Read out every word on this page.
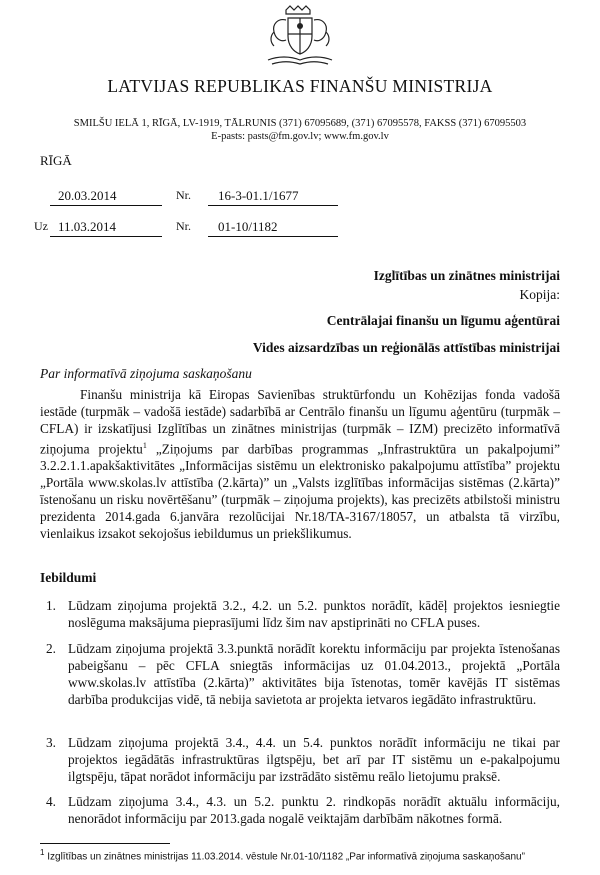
LATVIJAS REPUBLIKAS FINANŠU MINISTRIJA
SMILŠU IELĀ 1, RĪGĀ, LV-1919, TĀLRUNIS (371) 67095689, (371) 67095578, FAKSS (371) 67095503
E-pasts: pasts@fm.gov.lv; www.fm.gov.lv
RĪGĀ
20.03.2014	Nr. 16-3-01.1/1677
Uz 11.03.2014	Nr. 01-10/1182
Izglītības un zinātnes ministrijai
Kopija:
Centrālajai finanšu un līgumu aģentūrai
Vides aizsardzības un reģionālās attīstības ministrijai
Par informatīvā ziņojuma saskaņošanu
Finanšu ministrija kā Eiropas Savienības struktūrfondu un Kohēzijas fonda vadošā iestāde (turpmāk – vadošā iestāde) sadarbībā ar Centrālo finanšu un līgumu aģentūru (turpmāk – CFLA) ir izskatījusi Izglītības un zinātnes ministrijas (turpmāk – IZM) precizēto informatīvā ziņojuma projektu$^1$ „Ziņojums par darbības programmas „Infrastruktūra un pakalpojumi” 3.2.2.1.1.apakšaktivitātes „Informācijas sistēmu un elektronisko pakalpojumu attīstība” projektu „Portāla www.skolas.lv attīstība (2.kārta)” un „Valsts izglītības informācijas sistēmas (2.kārta)” īstenošanu un risku novērtēšanu” (turpmāk – ziņojuma projekts), kas precizēts atbilstoši ministru prezidenta 2014.gada 6.janvāra rezolūcijai Nr.18/TA-3167/18057, un atbalsta tā virzību, vienlaikus izsakot sekojošus iebildumus un priekšlikumus.
Iebildumi
1. Lūdzam ziņojuma projektā 3.2., 4.2. un 5.2. punktos norādīt, kādēļ projektos iesniegtie noslēguma maksājuma pieprasījumi līdz šim nav apstiprināti no CFLA puses.
2. Lūdzam ziņojuma projektā 3.3.punktā norādīt korektu informāciju par projekta īstenošanas pabeigšanu – pēc CFLA sniegtās informācijas uz 01.04.2013., projektā „Portāla www.skolas.lv attīstība (2.kārta)” aktivitātes bija īstenotas, tomēr kavējās IT sistēmas darbība produkcijas vidē, tā nebija savietota ar projekta ietvaros iegādāto infrastruktūru.
3. Lūdzam ziņojuma projektā 3.4., 4.4. un 5.4. punktos norādīt informāciju ne tikai par projektos iegādātās infrastruktūras ilgtspēju, bet arī par IT sistēmu un e-pakalpojumu ilgtspēju, tāpat norādot informāciju par izstrādāto sistēmu reālo lietojumu praksē.
4. Lūdzam ziņojuma 3.4., 4.3. un 5.2. punktu 2. rindkopās norādīt aktuālu informāciju, nenorādot informāciju par 2013.gada nogalē veiktajām darbībām nākotnes formā.
$^1$ Izglītības un zinātnes ministrijas 11.03.2014. vēstule Nr.01-10/1182 „Par informatīvā ziņojuma saskaņošanu”
